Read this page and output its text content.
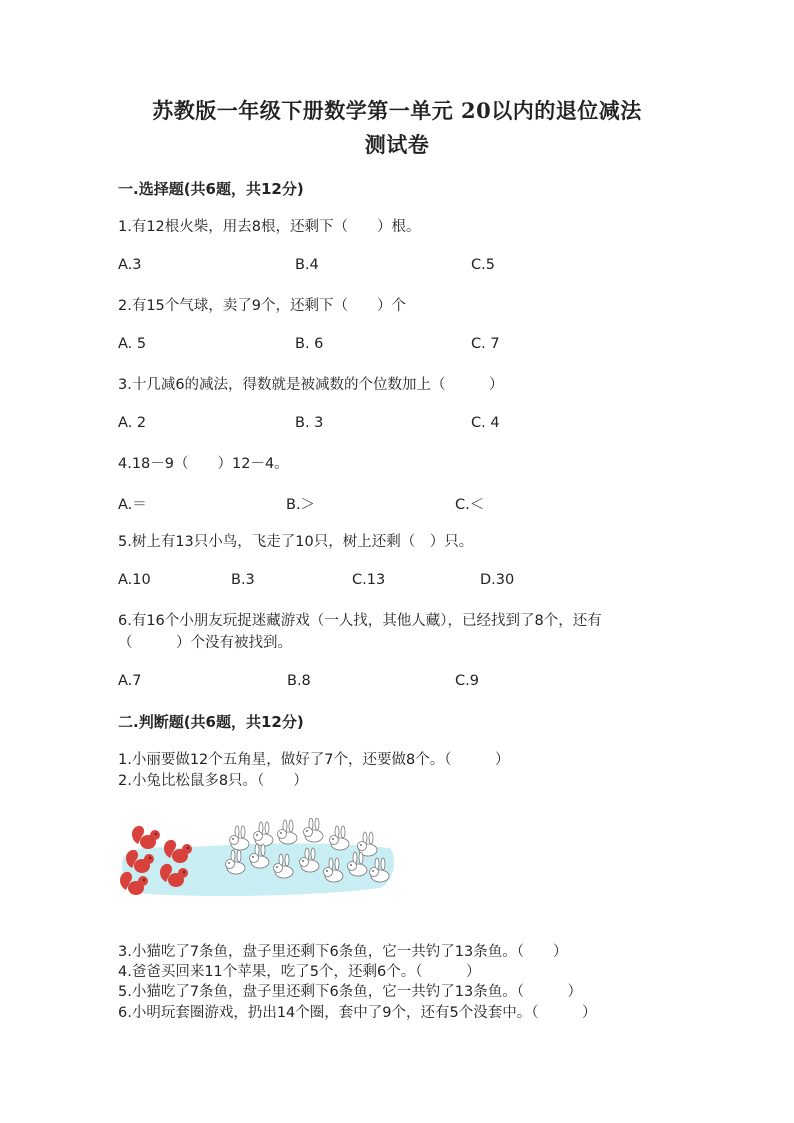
苏教版一年级下册数学第一单元 20以内的退位减法
测试卷
一.选择题(共6题，共12分)
1.有12根火柴，用去8根，还剩下（　　）根。
A.3	B.4	C.5
2.有15个气球，卖了9个，还剩下（　　）个
A. 5	B. 6	C. 7
3.十几减6的减法，得数就是被减数的个位数加上（　　　）
A. 2	B. 3	C. 4
4.18－9（　　）12－4。
A.＝	B.＞	C.＜
5.树上有13只小鸟，飞走了10只，树上还剩（　）只。
A.10	B.3	C.13	D.30
6.有16个小朋友玩捉迷藏游戏（一人找，其他人藏），已经找到了8个，还有
（　　　）个没有被找到。
A.7	B.8	C.9
二.判断题(共6题，共12分)
1.小丽要做12个五角星，做好了7个，还要做8个。（　　　）
2.小兔比松鼠多8只。（　　）
3.小猫吃了7条鱼，盘子里还剩下6条鱼，它一共钓了13条鱼。（　　）
4.爸爸买回来11个苹果，吃了5个，还剩6个。（　　　）
5.小猫吃了7条鱼，盘子里还剩下6条鱼，它一共钓了13条鱼。（　　　）
6.小明玩套圈游戏，扔出14个圈，套中了9个，还有5个没套中。（　　　）
